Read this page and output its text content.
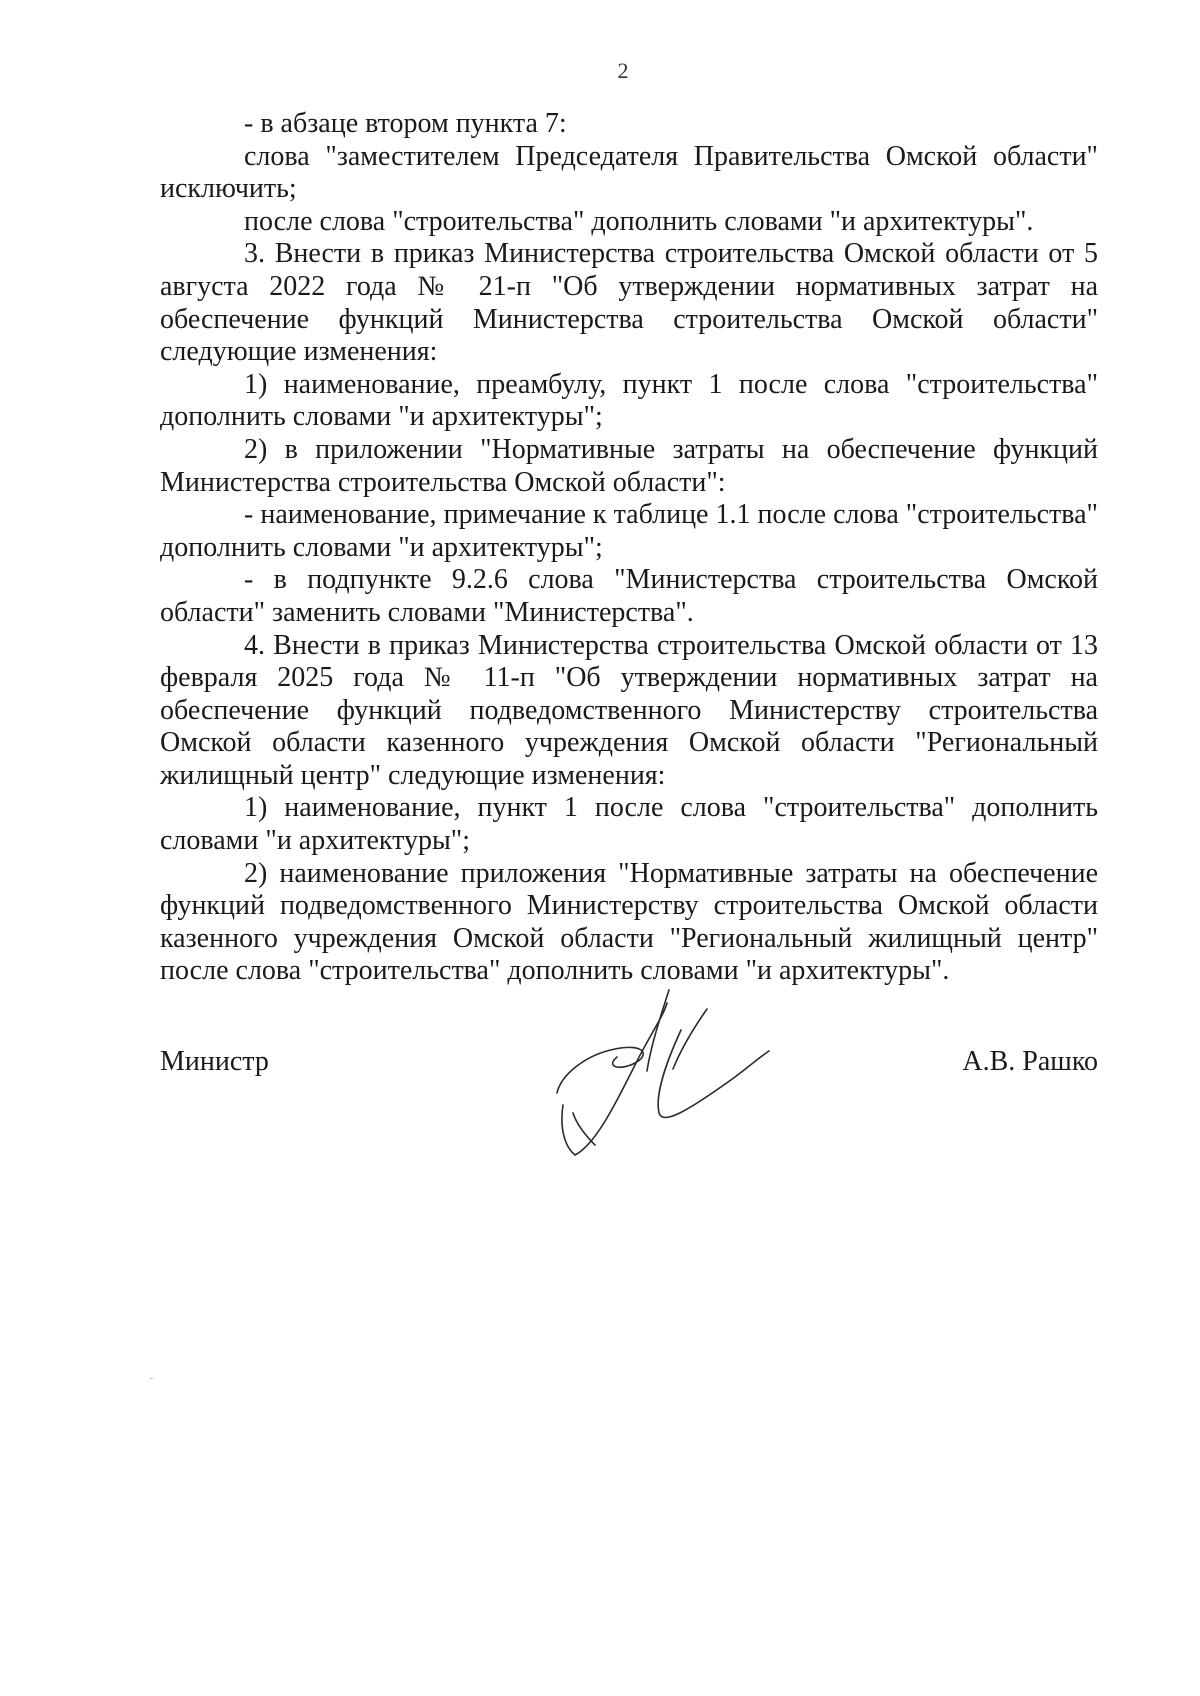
2

- в абзаце втором пункта 7:

слова "заместителем Председателя Правительства Омской области" исключить;

после слова "строительства" дополнить словами "и архитектуры".

3. Внести в приказ Министерства строительства Омской области от 5 августа 2022 года № 21-п "Об утверждении нормативных затрат на обеспечение функций Министерства строительства Омской области" следующие изменения:

1) наименование, преамбулу, пункт 1 после слова "строительства" дополнить словами "и архитектуры";

2) в приложении "Нормативные затраты на обеспечение функций Министерства строительства Омской области":

- наименование, примечание к таблице 1.1 после слова "строительства" дополнить словами "и архитектуры";

- в подпункте 9.2.6 слова "Министерства строительства Омской области" заменить словами "Министерства".

4. Внести в приказ Министерства строительства Омской области от 13 февраля 2025 года № 11-п "Об утверждении нормативных затрат на обеспечение функций подведомственного Министерству строительства Омской области казенного учреждения Омской области "Региональный жилищный центр" следующие изменения:

1) наименование, пункт 1 после слова "строительства" дополнить словами "и архитектуры";

2) наименование приложения "Нормативные затраты на обеспечение функций подведомственного Министерству строительства Омской области казенного учреждения Омской области "Региональный жилищный центр" после слова "строительства" дополнить словами "и архитектуры".

Министр	А.В. Рашко
